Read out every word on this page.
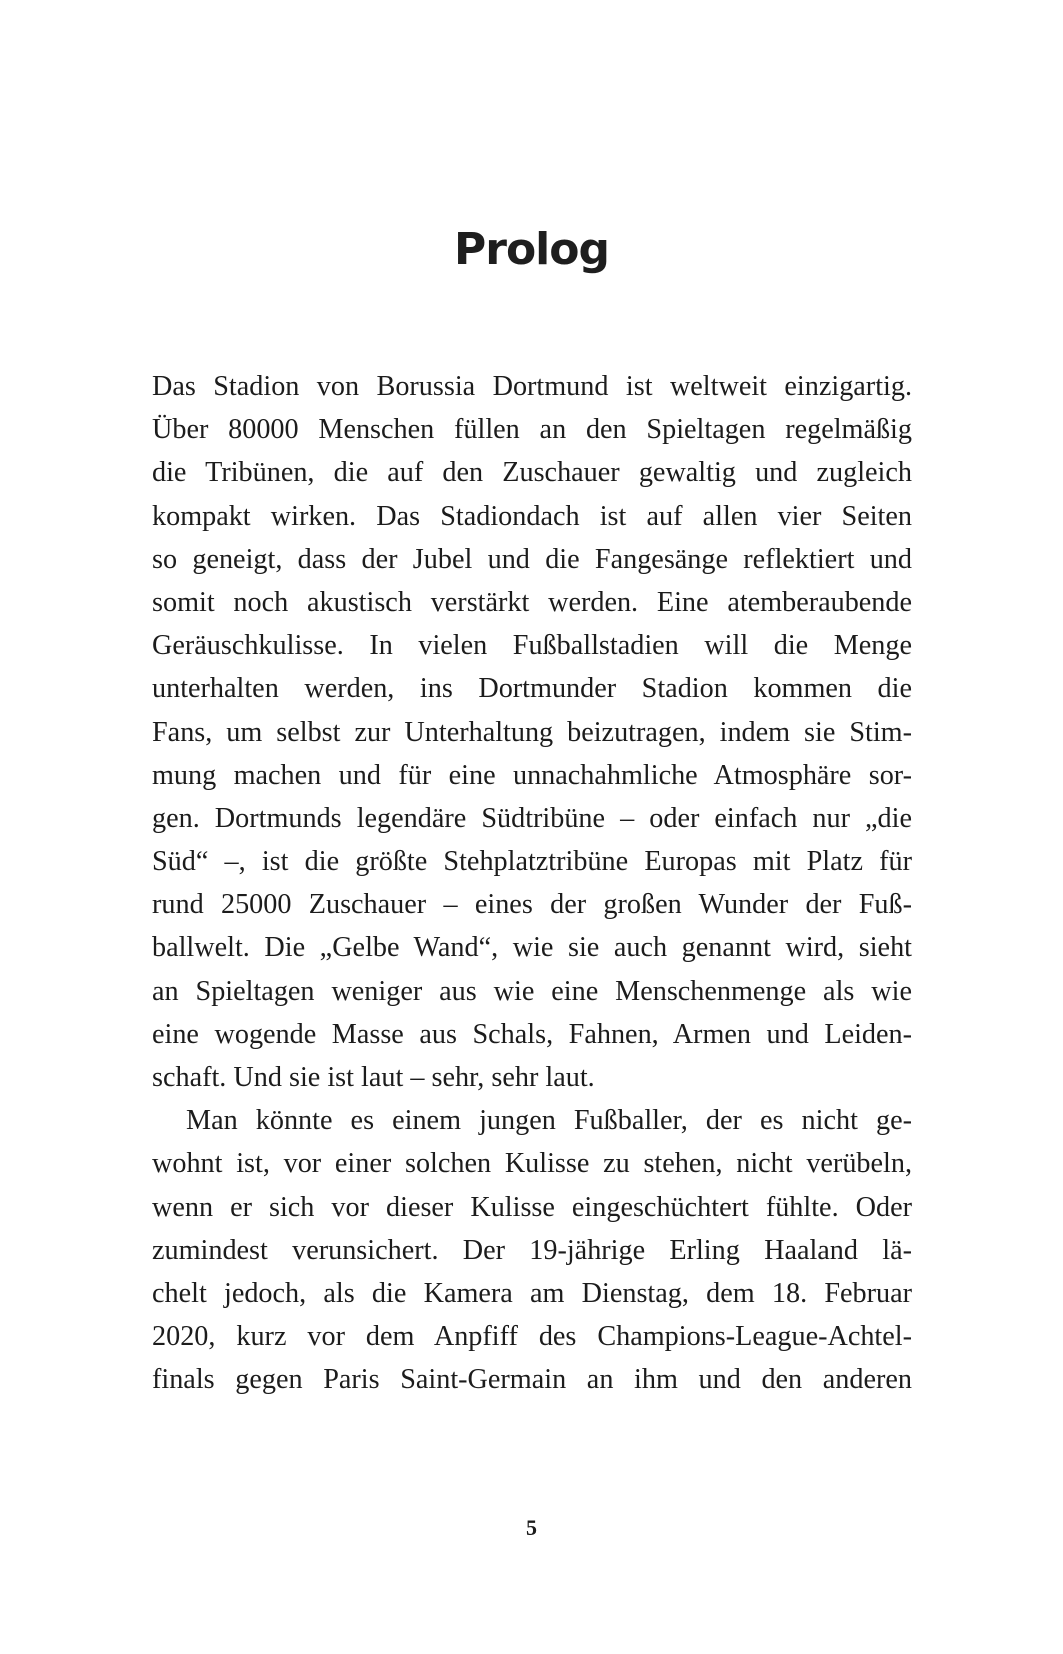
Prolog
Das Stadion von Borussia Dortmund ist weltweit einzigartig.
Über 80000 Menschen füllen an den Spieltagen regelmäßig
die Tribünen, die auf den Zuschauer gewaltig und zugleich
kompakt wirken. Das Stadiondach ist auf allen vier Seiten
so geneigt, dass der Jubel und die Fangesänge reflektiert und
somit noch akustisch verstärkt werden. Eine atemberaubende
Geräuschkulisse. In vielen Fußballstadien will die Menge
unterhalten werden, ins Dortmunder Stadion kommen die
Fans, um selbst zur Unterhaltung beizutragen, indem sie Stim-
mung machen und für eine unnachahmliche Atmosphäre sor-
gen. Dortmunds legendäre Südtribüne – oder einfach nur „die
Süd“ –, ist die größte Stehplatztribüne Europas mit Platz für
rund 25000 Zuschauer – eines der großen Wunder der Fuß-
ballwelt. Die „Gelbe Wand“, wie sie auch genannt wird, sieht
an Spieltagen weniger aus wie eine Menschenmenge als wie
eine wogende Masse aus Schals, Fahnen, Armen und Leiden-
schaft. Und sie ist laut – sehr, sehr laut.
Man könnte es einem jungen Fußballer, der es nicht ge-
wohnt ist, vor einer solchen Kulisse zu stehen, nicht verübeln,
wenn er sich vor dieser Kulisse eingeschüchtert fühlte. Oder
zumindest verunsichert. Der 19-jährige Erling Haaland lä-
chelt jedoch, als die Kamera am Dienstag, dem 18. Februar
2020, kurz vor dem Anpfiff des Champions-League-Achtel-
finals gegen Paris Saint-Germain an ihm und den anderen
5
